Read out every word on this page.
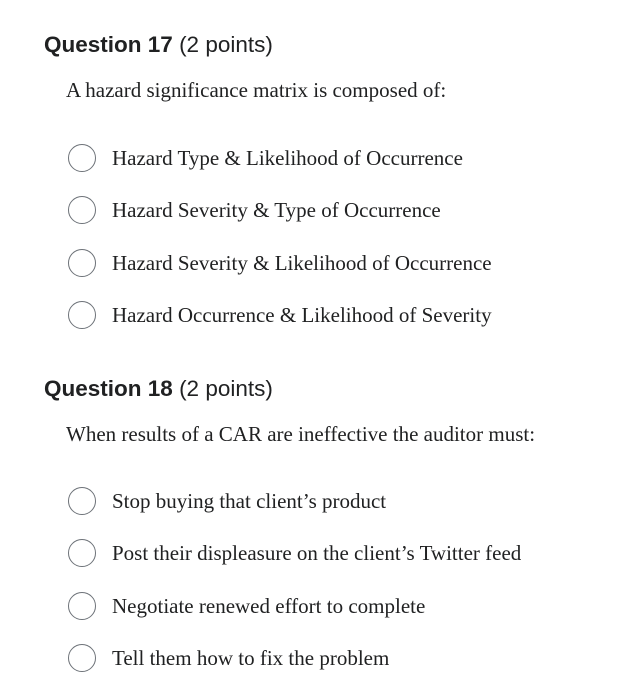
Question 17 (2 points)

A hazard significance matrix is composed of:

Hazard Type & Likelihood of Occurrence
Hazard Severity & Type of Occurrence
Hazard Severity & Likelihood of Occurrence
Hazard Occurrence & Likelihood of Severity
Question 18 (2 points)

When results of a CAR are ineffective the auditor must:

Stop buying that client’s product
Post their displeasure on the client’s Twitter feed
Negotiate renewed effort to complete
Tell them how to fix the problem
